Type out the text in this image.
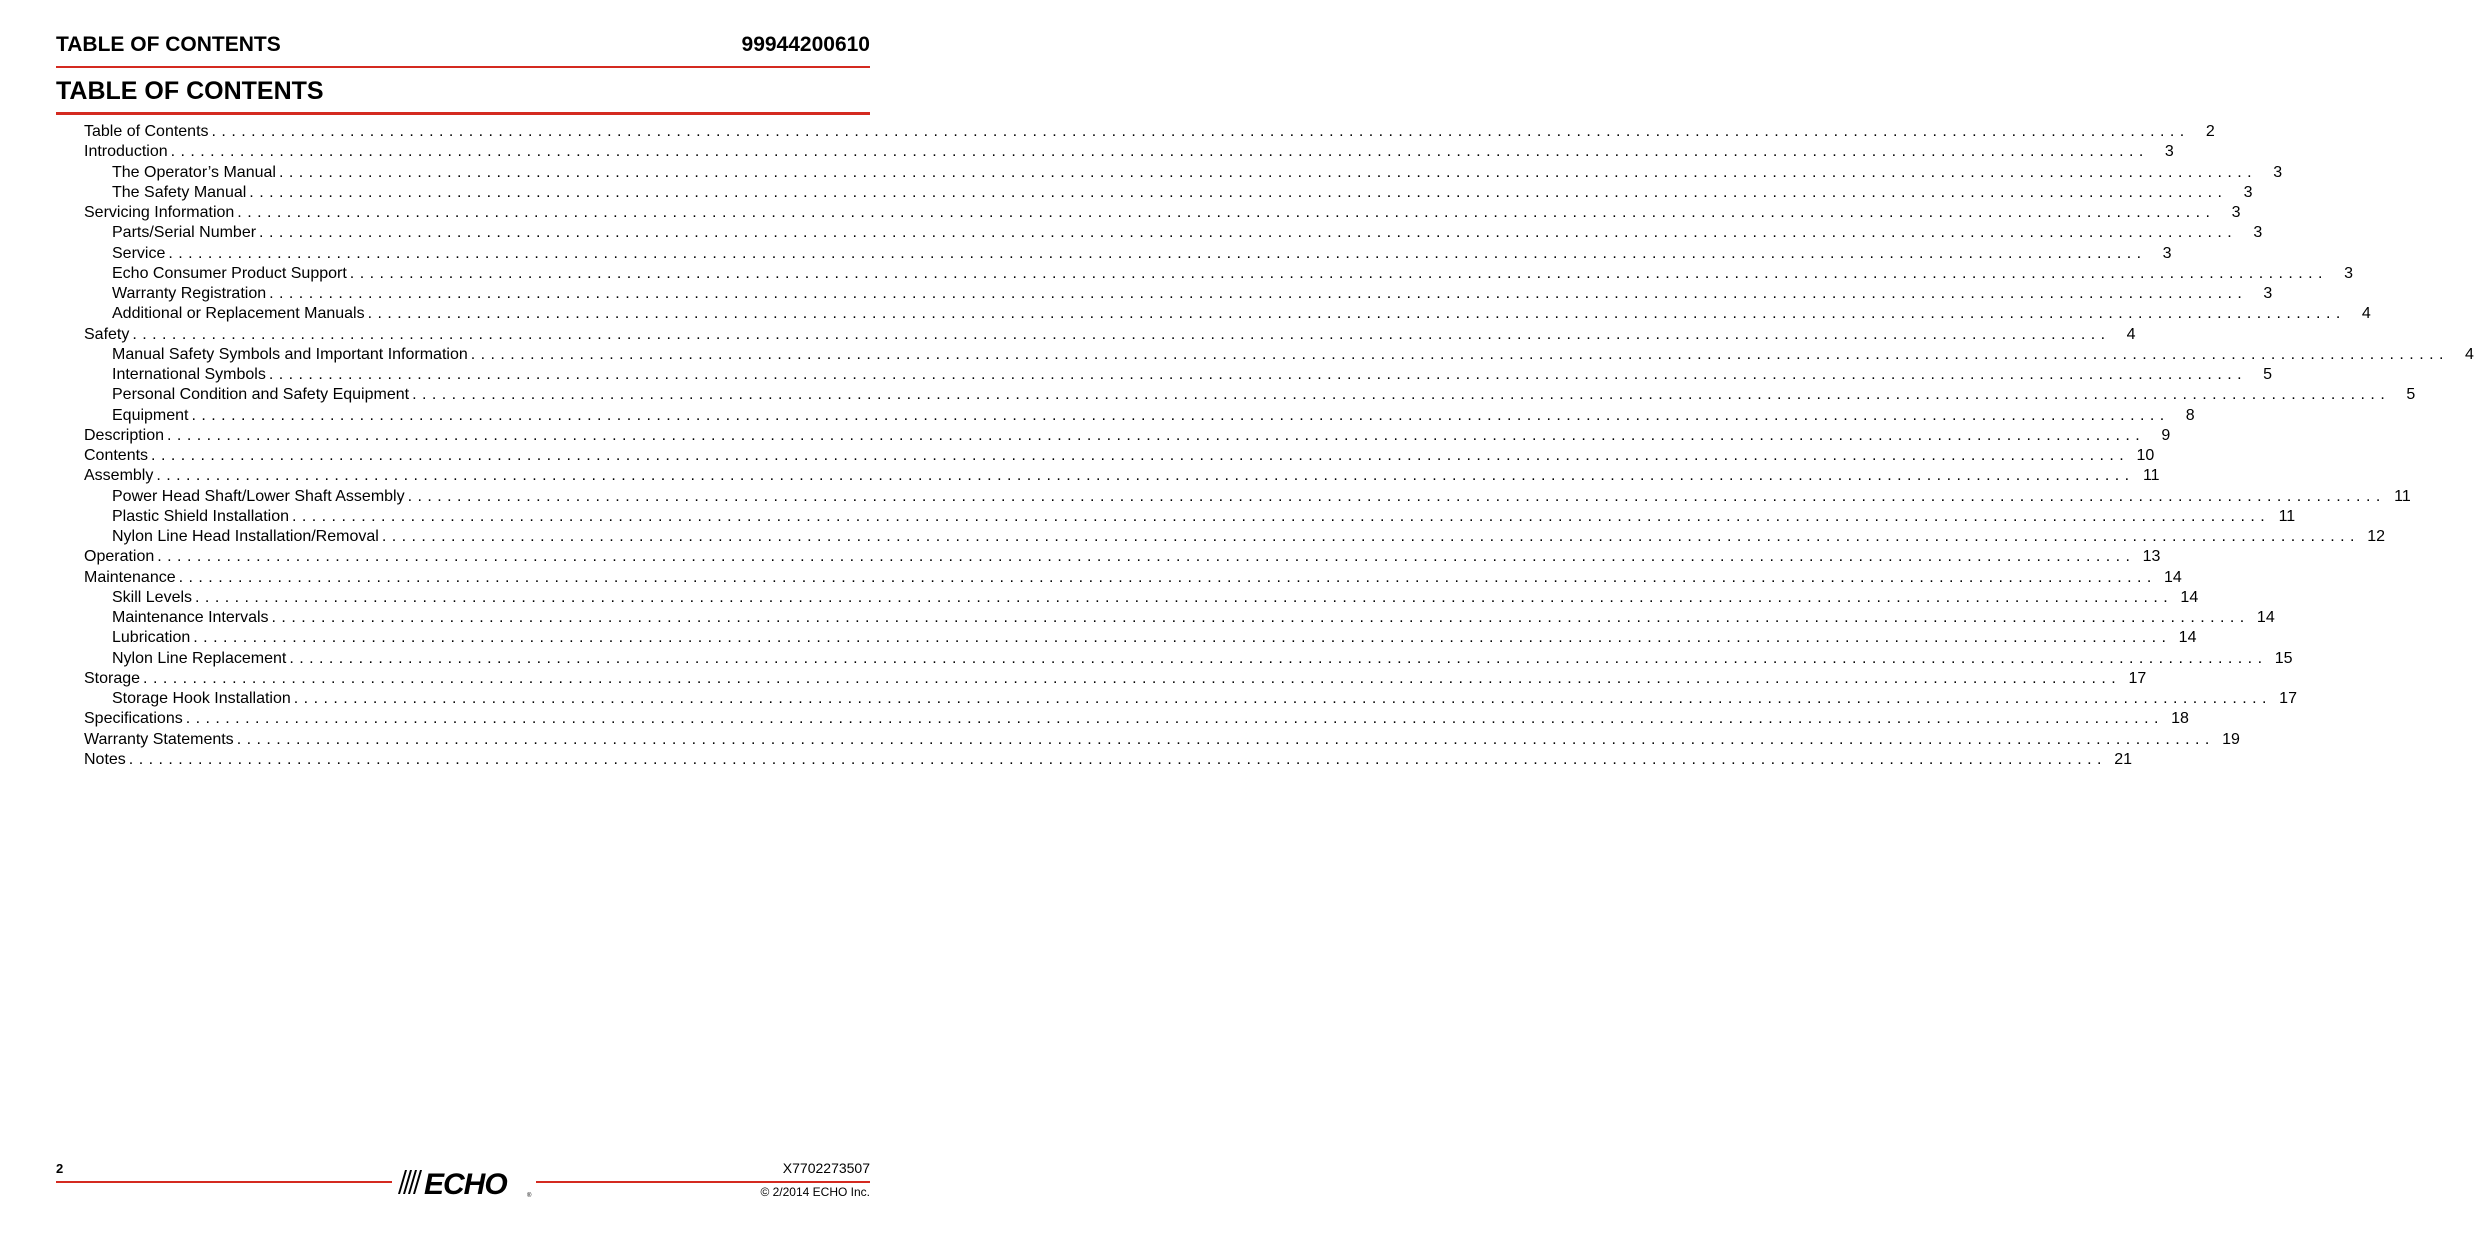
TABLE OF CONTENTS	99944200610
TABLE OF CONTENTS
Table of Contents . . . . . . . . . . . . . . . . . . . . . . . . . . . . . . . . . . . . . . . . . . . . . . . . . . . . . . . . . . . . . . . . . . . . . . . . . . . . . . . . . . . . . . . . . . . . . . . . . . . . . . . . . . . . . . . . . . . . . . . . . . . . . . . . . . . . . . . . . . . . . . . . . . . . . . . . . . . . . . . . . . . . . . . . . . . . . . . . . . . . . . . . . . . . . . . . . . . . . . . .	2
Introduction . . . . . . . . . . . . . . . . . . . . . . . . . . . . . . . . . . . . . . . . . . . . . . . . . . . . . . . . . . . . . . . . . . . . . . . . . . . . . . . . . . . . . . . . . . . . . . . . . . . . . . . . . . . . . . . . . . . . . . . . . . . . . . . . . . . . . . . . . . . . . . . . . . . . . . . . . . . . . . . . . . . . . . . . . . . . . . . . . . . . . . . . . . . . . . . . . . . . . . . .	3
The Operator’s Manual . . . . . . . . . . . . . . . . . . . . . . . . . . . . . . . . . . . . . . . . . . . . . . . . . . . . . . . . . . . . . . . . . . . . . . . . . . . . . . . . . . . . . . . . . . . . . . . . . . . . . . . . . . . . . . . . . . . . . . . . . . . . . . . . . . . . . . . . . . . . . . . . . . . . . . . . . . . . . . . . . . . . . . . . . . . . . . . . . . . . . . . . . . . . . . . . . . . . . . . .	3
The Safety Manual . . . . . . . . . . . . . . . . . . . . . . . . . . . . . . . . . . . . . . . . . . . . . . . . . . . . . . . . . . . . . . . . . . . . . . . . . . . . . . . . . . . . . . . . . . . . . . . . . . . . . . . . . . . . . . . . . . . . . . . . . . . . . . . . . . . . . . . . . . . . . . . . . . . . . . . . . . . . . . . . . . . . . . . . . . . . . . . . . . . . . . . . . . . . . . . . . . . . . . . .	3
Servicing Information . . . . . . . . . . . . . . . . . . . . . . . . . . . . . . . . . . . . . . . . . . . . . . . . . . . . . . . . . . . . . . . . . . . . . . . . . . . . . . . . . . . . . . . . . . . . . . . . . . . . . . . . . . . . . . . . . . . . . . . . . . . . . . . . . . . . . . . . . . . . . . . . . . . . . . . . . . . . . . . . . . . . . . . . . . . . . . . . . . . . . . . . . . . . . . . . . . . . . . . .	3
Parts/Serial Number . . . . . . . . . . . . . . . . . . . . . . . . . . . . . . . . . . . . . . . . . . . . . . . . . . . . . . . . . . . . . . . . . . . . . . . . . . . . . . . . . . . . . . . . . . . . . . . . . . . . . . . . . . . . . . . . . . . . . . . . . . . . . . . . . . . . . . . . . . . . . . . . . . . . . . . . . . . . . . . . . . . . . . . . . . . . . . . . . . . . . . . . . . . . . . . . . . . . . . . .	3
Service . . . . . . . . . . . . . . . . . . . . . . . . . . . . . . . . . . . . . . . . . . . . . . . . . . . . . . . . . . . . . . . . . . . . . . . . . . . . . . . . . . . . . . . . . . . . . . . . . . . . . . . . . . . . . . . . . . . . . . . . . . . . . . . . . . . . . . . . . . . . . . . . . . . . . . . . . . . . . . . . . . . . . . . . . . . . . . . . . . . . . . . . . . . . . . . . . . . . . . . .	3
Echo Consumer Product Support . . . . . . . . . . . . . . . . . . . . . . . . . . . . . . . . . . . . . . . . . . . . . . . . . . . . . . . . . . . . . . . . . . . . . . . . . . . . . . . . . . . . . . . . . . . . . . . . . . . . . . . . . . . . . . . . . . . . . . . . . . . . . . . . . . . . . . . . . . . . . . . . . . . . . . . . . . . . . . . . . . . . . . . . . . . . . . . . . . . . . . . . . . . . . . . . . . . . . . . .	3
Warranty Registration . . . . . . . . . . . . . . . . . . . . . . . . . . . . . . . . . . . . . . . . . . . . . . . . . . . . . . . . . . . . . . . . . . . . . . . . . . . . . . . . . . . . . . . . . . . . . . . . . . . . . . . . . . . . . . . . . . . . . . . . . . . . . . . . . . . . . . . . . . . . . . . . . . . . . . . . . . . . . . . . . . . . . . . . . . . . . . . . . . . . . . . . . . . . . . . . . . . . . . . .	3
Additional or Replacement Manuals . . . . . . . . . . . . . . . . . . . . . . . . . . . . . . . . . . . . . . . . . . . . . . . . . . . . . . . . . . . . . . . . . . . . . . . . . . . . . . . . . . . . . . . . . . . . . . . . . . . . . . . . . . . . . . . . . . . . . . . . . . . . . . . . . . . . . . . . . . . . . . . . . . . . . . . . . . . . . . . . . . . . . . . . . . . . . . . . . . . . . . . . . . . . . . . . . . . . . . . .	4
Safety . . . . . . . . . . . . . . . . . . . . . . . . . . . . . . . . . . . . . . . . . . . . . . . . . . . . . . . . . . . . . . . . . . . . . . . . . . . . . . . . . . . . . . . . . . . . . . . . . . . . . . . . . . . . . . . . . . . . . . . . . . . . . . . . . . . . . . . . . . . . . . . . . . . . . . . . . . . . . . . . . . . . . . . . . . . . . . . . . . . . . . . . . . . . . . . . . . . . . . . .	4
Manual Safety Symbols and Important Information . . . . . . . . . . . . . . . . . . . . . . . . . . . . . . . . . . . . . . . . . . . . . . . . . . . . . . . . . . . . . . . . . . . . . . . . . . . . . . . . . . . . . . . . . . . . . . . . . . . . . . . . . . . . . . . . . . . . . . . . . . . . . . . . . . . . . . . . . . . . . . . . . . . . . . . . . . . . . . . . . . . . . . . . . . . . . . . . . . . . . . . . . . . . . . . . . . . . . . . .	4
International Symbols . . . . . . . . . . . . . . . . . . . . . . . . . . . . . . . . . . . . . . . . . . . . . . . . . . . . . . . . . . . . . . . . . . . . . . . . . . . . . . . . . . . . . . . . . . . . . . . . . . . . . . . . . . . . . . . . . . . . . . . . . . . . . . . . . . . . . . . . . . . . . . . . . . . . . . . . . . . . . . . . . . . . . . . . . . . . . . . . . . . . . . . . . . . . . . . . . . . . . . . .	5
Personal Condition and Safety Equipment . . . . . . . . . . . . . . . . . . . . . . . . . . . . . . . . . . . . . . . . . . . . . . . . . . . . . . . . . . . . . . . . . . . . . . . . . . . . . . . . . . . . . . . . . . . . . . . . . . . . . . . . . . . . . . . . . . . . . . . . . . . . . . . . . . . . . . . . . . . . . . . . . . . . . . . . . . . . . . . . . . . . . . . . . . . . . . . . . . . . . . . . . . . . . . . . . . . . . . . .	5
Equipment . . . . . . . . . . . . . . . . . . . . . . . . . . . . . . . . . . . . . . . . . . . . . . . . . . . . . . . . . . . . . . . . . . . . . . . . . . . . . . . . . . . . . . . . . . . . . . . . . . . . . . . . . . . . . . . . . . . . . . . . . . . . . . . . . . . . . . . . . . . . . . . . . . . . . . . . . . . . . . . . . . . . . . . . . . . . . . . . . . . . . . . . . . . . . . . . . . . . . . . .	8
Description . . . . . . . . . . . . . . . . . . . . . . . . . . . . . . . . . . . . . . . . . . . . . . . . . . . . . . . . . . . . . . . . . . . . . . . . . . . . . . . . . . . . . . . . . . . . . . . . . . . . . . . . . . . . . . . . . . . . . . . . . . . . . . . . . . . . . . . . . . . . . . . . . . . . . . . . . . . . . . . . . . . . . . . . . . . . . . . . . . . . . . . . . . . . . . . . . . . . . . . .	9
Contents . . . . . . . . . . . . . . . . . . . . . . . . . . . . . . . . . . . . . . . . . . . . . . . . . . . . . . . . . . . . . . . . . . . . . . . . . . . . . . . . . . . . . . . . . . . . . . . . . . . . . . . . . . . . . . . . . . . . . . . . . . . . . . . . . . . . . . . . . . . . . . . . . . . . . . . . . . . . . . . . . . . . . . . . . . . . . . . . . . . . . . . . . . . . . . . . . . . . . . . . 10
Assembly . . . . . . . . . . . . . . . . . . . . . . . . . . . . . . . . . . . . . . . . . . . . . . . . . . . . . . . . . . . . . . . . . . . . . . . . . . . . . . . . . . . . . . . . . . . . . . . . . . . . . . . . . . . . . . . . . . . . . . . . . . . . . . . . . . . . . . . . . . . . . . . . . . . . . . . . . . . . . . . . . . . . . . . . . . . . . . . . . . . . . . . . . . . . . . . . . . . . . . . . 11
Power Head Shaft/Lower Shaft Assembly . . . . . . . . . . . . . . . . . . . . . . . . . . . . . . . . . . . . . . . . . . . . . . . . . . . . . . . . . . . . . . . . . . . . . . . . . . . . . . . . . . . . . . . . . . . . . . . . . . . . . . . . . . . . . . . . . . . . . . . . . . . . . . . . . . . . . . . . . . . . . . . . . . . . . . . . . . . . . . . . . . . . . . . . . . . . . . . . . . . . . . . . . . . . . . . . . . . . . . . . 11
Plastic Shield Installation . . . . . . . . . . . . . . . . . . . . . . . . . . . . . . . . . . . . . . . . . . . . . . . . . . . . . . . . . . . . . . . . . . . . . . . . . . . . . . . . . . . . . . . . . . . . . . . . . . . . . . . . . . . . . . . . . . . . . . . . . . . . . . . . . . . . . . . . . . . . . . . . . . . . . . . . . . . . . . . . . . . . . . . . . . . . . . . . . . . . . . . . . . . . . . . . . . . . . . . . 11
Nylon Line Head Installation/Removal . . . . . . . . . . . . . . . . . . . . . . . . . . . . . . . . . . . . . . . . . . . . . . . . . . . . . . . . . . . . . . . . . . . . . . . . . . . . . . . . . . . . . . . . . . . . . . . . . . . . . . . . . . . . . . . . . . . . . . . . . . . . . . . . . . . . . . . . . . . . . . . . . . . . . . . . . . . . . . . . . . . . . . . . . . . . . . . . . . . . . . . . . . . . . . . . . . . . . . . . 12
Operation . . . . . . . . . . . . . . . . . . . . . . . . . . . . . . . . . . . . . . . . . . . . . . . . . . . . . . . . . . . . . . . . . . . . . . . . . . . . . . . . . . . . . . . . . . . . . . . . . . . . . . . . . . . . . . . . . . . . . . . . . . . . . . . . . . . . . . . . . . . . . . . . . . . . . . . . . . . . . . . . . . . . . . . . . . . . . . . . . . . . . . . . . . . . . . . . . . . . . . . . 13
Maintenance . . . . . . . . . . . . . . . . . . . . . . . . . . . . . . . . . . . . . . . . . . . . . . . . . . . . . . . . . . . . . . . . . . . . . . . . . . . . . . . . . . . . . . . . . . . . . . . . . . . . . . . . . . . . . . . . . . . . . . . . . . . . . . . . . . . . . . . . . . . . . . . . . . . . . . . . . . . . . . . . . . . . . . . . . . . . . . . . . . . . . . . . . . . . . . . . . . . . . . . . 14
Skill Levels . . . . . . . . . . . . . . . . . . . . . . . . . . . . . . . . . . . . . . . . . . . . . . . . . . . . . . . . . . . . . . . . . . . . . . . . . . . . . . . . . . . . . . . . . . . . . . . . . . . . . . . . . . . . . . . . . . . . . . . . . . . . . . . . . . . . . . . . . . . . . . . . . . . . . . . . . . . . . . . . . . . . . . . . . . . . . . . . . . . . . . . . . . . . . . . . . . . . . . . . 14
Maintenance Intervals . . . . . . . . . . . . . . . . . . . . . . . . . . . . . . . . . . . . . . . . . . . . . . . . . . . . . . . . . . . . . . . . . . . . . . . . . . . . . . . . . . . . . . . . . . . . . . . . . . . . . . . . . . . . . . . . . . . . . . . . . . . . . . . . . . . . . . . . . . . . . . . . . . . . . . . . . . . . . . . . . . . . . . . . . . . . . . . . . . . . . . . . . . . . . . . . . . . . . . . . 14
Lubrication . . . . . . . . . . . . . . . . . . . . . . . . . . . . . . . . . . . . . . . . . . . . . . . . . . . . . . . . . . . . . . . . . . . . . . . . . . . . . . . . . . . . . . . . . . . . . . . . . . . . . . . . . . . . . . . . . . . . . . . . . . . . . . . . . . . . . . . . . . . . . . . . . . . . . . . . . . . . . . . . . . . . . . . . . . . . . . . . . . . . . . . . . . . . . . . . . . . . . . . . 14
Nylon Line Replacement . . . . . . . . . . . . . . . . . . . . . . . . . . . . . . . . . . . . . . . . . . . . . . . . . . . . . . . . . . . . . . . . . . . . . . . . . . . . . . . . . . . . . . . . . . . . . . . . . . . . . . . . . . . . . . . . . . . . . . . . . . . . . . . . . . . . . . . . . . . . . . . . . . . . . . . . . . . . . . . . . . . . . . . . . . . . . . . . . . . . . . . . . . . . . . . . . . . . . . . . 15
Storage . . . . . . . . . . . . . . . . . . . . . . . . . . . . . . . . . . . . . . . . . . . . . . . . . . . . . . . . . . . . . . . . . . . . . . . . . . . . . . . . . . . . . . . . . . . . . . . . . . . . . . . . . . . . . . . . . . . . . . . . . . . . . . . . . . . . . . . . . . . . . . . . . . . . . . . . . . . . . . . . . . . . . . . . . . . . . . . . . . . . . . . . . . . . . . . . . . . . . . . . 17
Storage Hook Installation . . . . . . . . . . . . . . . . . . . . . . . . . . . . . . . . . . . . . . . . . . . . . . . . . . . . . . . . . . . . . . . . . . . . . . . . . . . . . . . . . . . . . . . . . . . . . . . . . . . . . . . . . . . . . . . . . . . . . . . . . . . . . . . . . . . . . . . . . . . . . . . . . . . . . . . . . . . . . . . . . . . . . . . . . . . . . . . . . . . . . . . . . . . . . . . . . . . . . . . . 17
Specifications . . . . . . . . . . . . . . . . . . . . . . . . . . . . . . . . . . . . . . . . . . . . . . . . . . . . . . . . . . . . . . . . . . . . . . . . . . . . . . . . . . . . . . . . . . . . . . . . . . . . . . . . . . . . . . . . . . . . . . . . . . . . . . . . . . . . . . . . . . . . . . . . . . . . . . . . . . . . . . . . . . . . . . . . . . . . . . . . . . . . . . . . . . . . . . . . . . . . . . . . 18
Warranty Statements . . . . . . . . . . . . . . . . . . . . . . . . . . . . . . . . . . . . . . . . . . . . . . . . . . . . . . . . . . . . . . . . . . . . . . . . . . . . . . . . . . . . . . . . . . . . . . . . . . . . . . . . . . . . . . . . . . . . . . . . . . . . . . . . . . . . . . . . . . . . . . . . . . . . . . . . . . . . . . . . . . . . . . . . . . . . . . . . . . . . . . . . . . . . . . . . . . . . . . . . 19
Notes . . . . . . . . . . . . . . . . . . . . . . . . . . . . . . . . . . . . . . . . . . . . . . . . . . . . . . . . . . . . . . . . . . . . . . . . . . . . . . . . . . . . . . . . . . . . . . . . . . . . . . . . . . . . . . . . . . . . . . . . . . . . . . . . . . . . . . . . . . . . . . . . . . . . . . . . . . . . . . . . . . . . . . . . . . . . . . . . . . . . . . . . . . . . . . . . . . . . . . . . 21
2	ECHO	®
X7702273507
© 2/2014 ECHO Inc.
